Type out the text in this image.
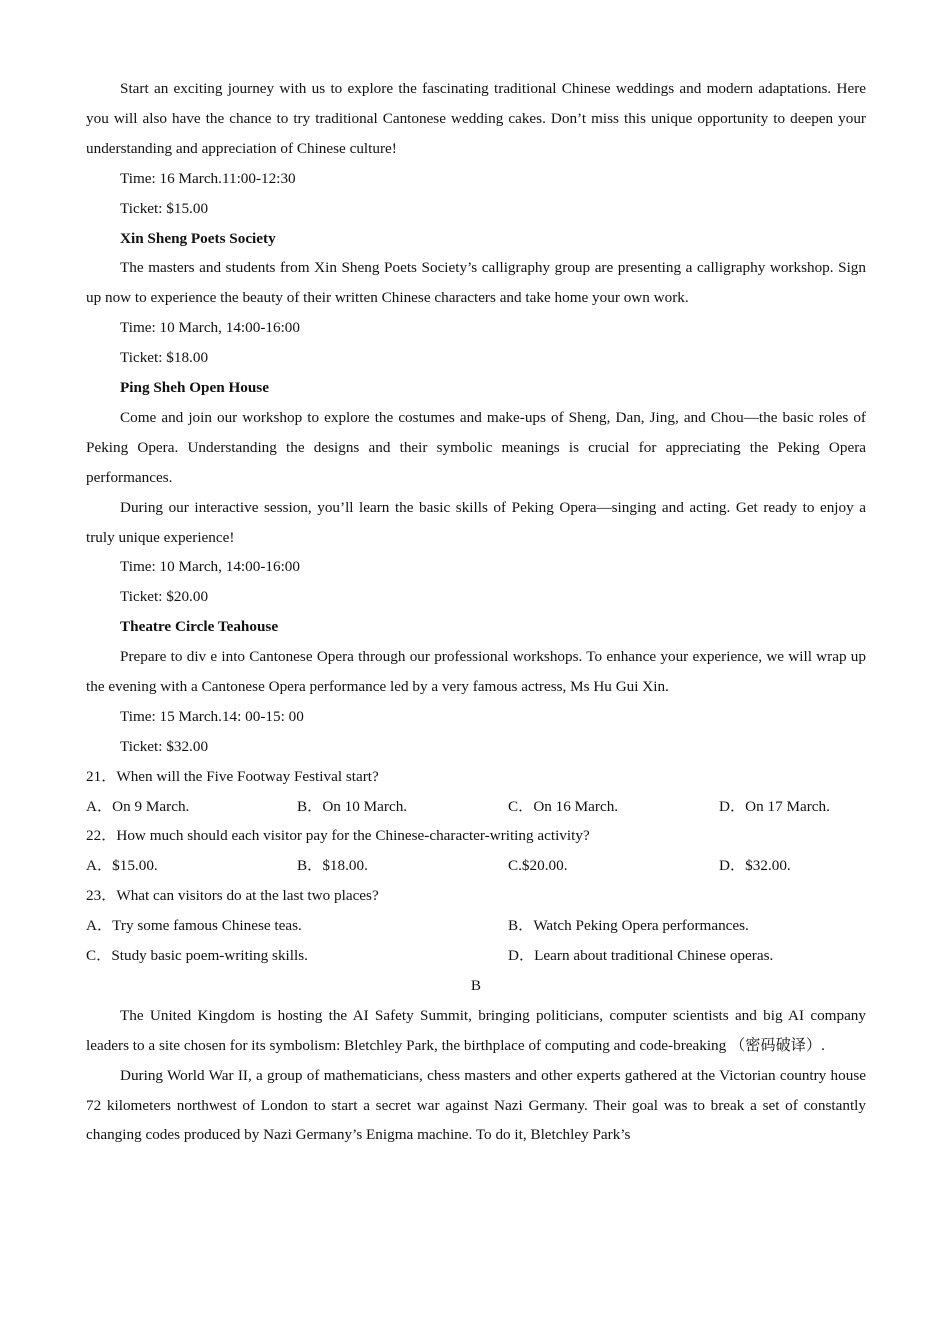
Start an exciting journey with us to explore the fascinating traditional Chinese weddings and modern adaptations. Here you will also have the chance to try traditional Cantonese wedding cakes. Don’t miss this unique opportunity to deepen your understanding and appreciation of Chinese culture!
Time: 16 March.11:00-12:30
Ticket: $15.00
Xin Sheng Poets Society
The masters and students from Xin Sheng Poets Society’s calligraphy group are presenting a calligraphy workshop. Sign up now to experience the beauty of their written Chinese characters and take home your own work.
Time: 10 March, 14:00-16:00
Ticket: $18.00
Ping Sheh Open House
Come and join our workshop to explore the costumes and make-ups of Sheng, Dan, Jing, and Chou—the basic roles of Peking Opera. Understanding the designs and their symbolic meanings is crucial for appreciating the Peking Opera performances.
During our interactive session, you’ll learn the basic skills of Peking Opera—singing and acting. Get ready to enjoy a truly unique experience!
Time: 10 March, 14:00-16:00
Ticket: $20.00
Theatre Circle Teahouse
Prepare to div e into Cantonese Opera through our professional workshops. To enhance your experience, we will wrap up the evening with a Cantonese Opera performance led by a very famous actress, Ms Hu Gui Xin.
Time: 15 March.14: 00-15: 00
Ticket: $32.00
21．When will the Five Footway Festival start?
A．On 9 March.	B．On 10 March.	C．On 16 March.	D．On 17 March.
22．How much should each visitor pay for the Chinese-character-writing activity?
A．$15.00.	B．$18.00.	C.$20.00.	D．$32.00.
23．What can visitors do at the last two places?
A．Try some famous Chinese teas.	B．Watch Peking Opera performances.
C．Study basic poem-writing skills.	D．Learn about traditional Chinese operas.
B
The United Kingdom is hosting the AI Safety Summit, bringing politicians, computer scientists and big AI company leaders to a site chosen for its symbolism: Bletchley Park, the birthplace of computing and code-breaking （密码破译）.
During World War II, a group of mathematicians, chess masters and other experts gathered at the Victorian country house 72 kilometers northwest of London to start a secret war against Nazi Germany. Their goal was to break a set of constantly changing codes produced by Nazi Germany’s Enigma machine. To do it, Bletchley Park’s
